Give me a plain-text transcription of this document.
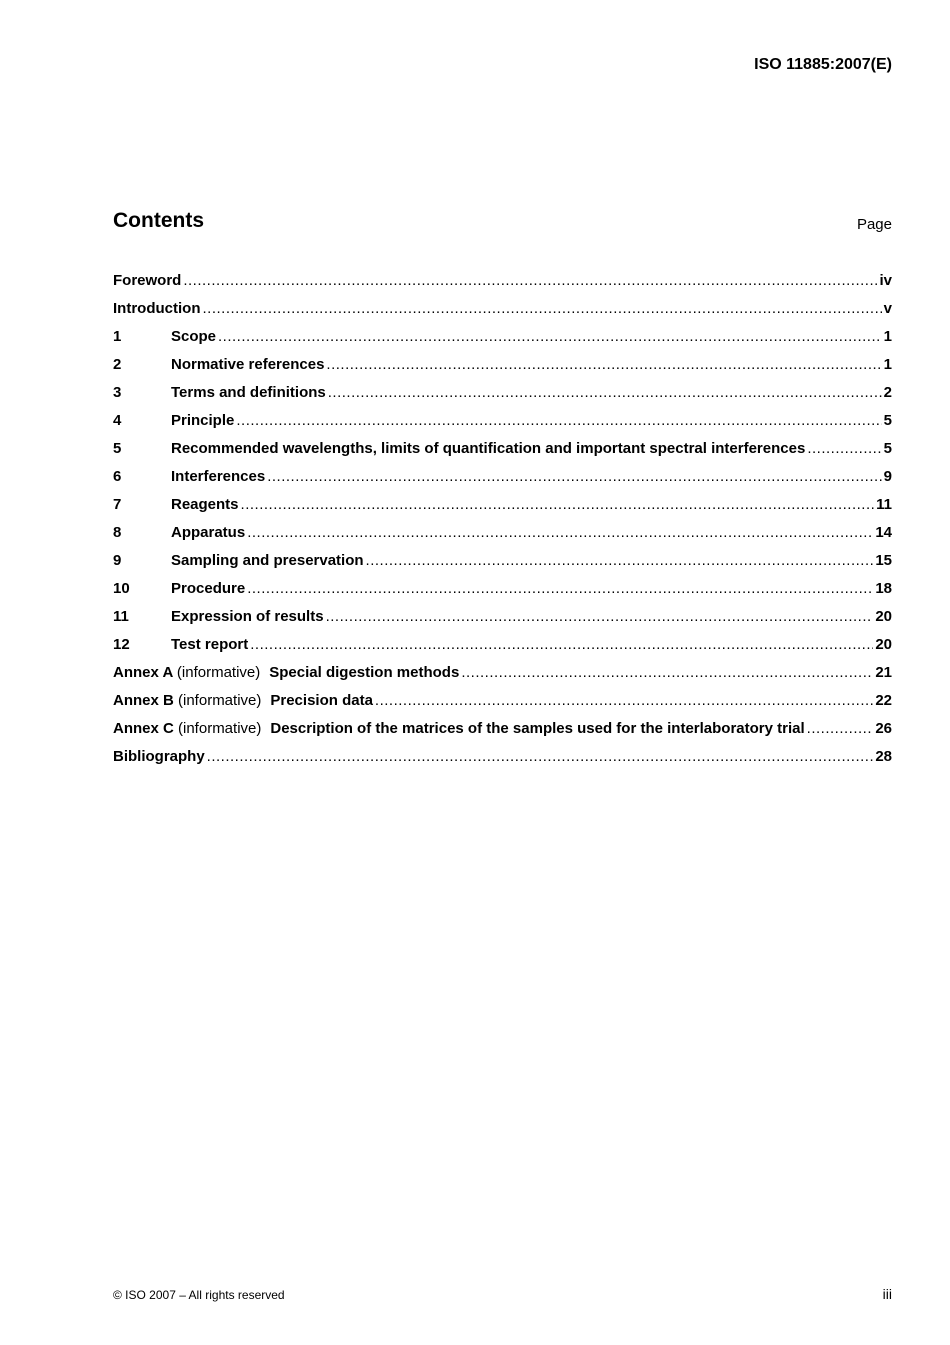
ISO 11885:2007(E)
Contents	Page
Foreword .....	iv
Introduction .....	v
1	Scope .....	1
2	Normative references .....	1
3	Terms and definitions .....	2
4	Principle .....	5
5	Recommended wavelengths, limits of quantification and important spectral interferences .....	5
6	Interferences .....	9
7	Reagents .....	11
8	Apparatus .....	14
9	Sampling and preservation .....	15
10	Procedure .....	18
11	Expression of results .....	20
12	Test report .....	20
Annex A (informative) Special digestion methods .....	21
Annex B (informative) Precision data .....	22
Annex C (informative) Description of the matrices of the samples used for the interlaboratory trial .....	26
Bibliography .....	28
© ISO 2007 – All rights reserved	iii
